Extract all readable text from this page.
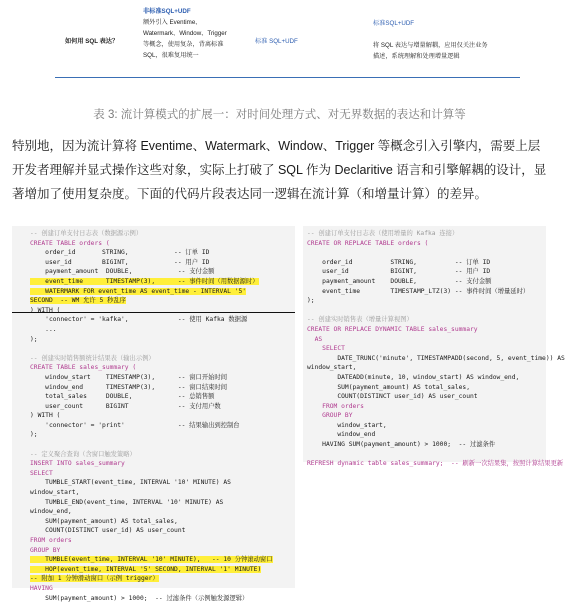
如何用 SQL 表达？
非标准SQL+UDF
额外引入 Eventime、
Watermark、Window、Trigger
等概念，使用复杂，背离标准
SQL，很难复用统一
标准 SQL+UDF
标准SQL+UDF

将 SQL 表达与增量解耦，应用仅关注业务
描述，系统理解和处理增量逻辑
表 3: 流计算模式的扩展一：对时间处理方式、对无界数据的表达和计算等
特别地，因为流计算将 Eventime、Watermark、Window、Trigger 等概念引入引擎内，需要上层开发者理解并显式操作这些对象，实际上打破了 SQL 作为 Declaritive 语言和引擎解耦的设计，显著增加了使用复杂度。下面的代码片段表达同一逻辑在流计算（和增量计算）的差异。

-- 创建订单支付日志表（数据源示例）
CREATE TABLE orders (
order_id       STRING,            -- 订单 ID
user_id        BIGINT,            -- 用户 ID
payment_amount  DOUBLE,            -- 支付金额
event_time      TIMESTAMP(3),      -- 事件时间（用数据源时）
WATERMARK FOR event_time AS event_time - INTERVAL '5'
SECOND  -- WM 允许 5 秒乱序
) WITH (
'connector' = 'kafka',             -- 使用 Kafka 数据源
...
);
-- 创建实时销售额统计结果表（输出示例）
CREATE TABLE sales_summary (
window_start    TIMESTAMP(3),      -- 窗口开始时间
window_end      TIMESTAMP(3),      -- 窗口结束时间
total_sales     DOUBLE,            -- 总销售额
user_count      BIGINT             -- 支付用户数
) WITH (
'connector' = 'print'              -- 结果输出到控制台
);
-- 定义聚合查询（含窗口触发策略）
INSERT INTO sales_summary
SELECT
TUMBLE_START(event_time, INTERVAL '10' MINUTE) AS
window_start,
TUMBLE_END(event_time, INTERVAL '10' MINUTE) AS
window_end,
SUM(payment_amount) AS total_sales,
COUNT(DISTINCT user_id) AS user_count
FROM orders
GROUP BY
TUMBLE(event_time, INTERVAL '10' MINUTE),   -- 10 分钟滚动窗口
HOP(event_time, INTERVAL '5' SECOND, INTERVAL '1' MINUTE)
-- 附加 1 分钟滑动窗口（示例 trigger）
HAVING
SUM(payment_amount) > 1000;  -- 过滤条件（示例触发源逻辑）
-- 创建订单支付日志表（使用增量的 Kafka 连接）
CREATE OR REPLACE TABLE orders (
order_id          STRING,          -- 订单 ID
user_id           BIGINT,          -- 用户 ID
payment_amount    DOUBLE,          -- 支付金额
event_time        TIMESTAMP_LTZ(3) -- 事件时间（增量延时）
);
-- 创建实时销售表（增量计算视图）
CREATE OR REPLACE DYNAMIC TABLE sales_summary
AS
SELECT
DATE_TRUNC('minute', TIMESTAMPADD(second, 5, event_time)) AS
window_start,
DATEADD(minute, 10, window_start) AS window_end,
SUM(payment_amount) AS total_sales,
COUNT(DISTINCT user_id) AS user_count
FROM orders
GROUP BY
window_start,
window_end
HAVING SUM(payment_amount) > 1000;  -- 过滤条件
REFRESH dynamic table sales_summary;  -- 刷新一次结果集，按照计算结果更新
